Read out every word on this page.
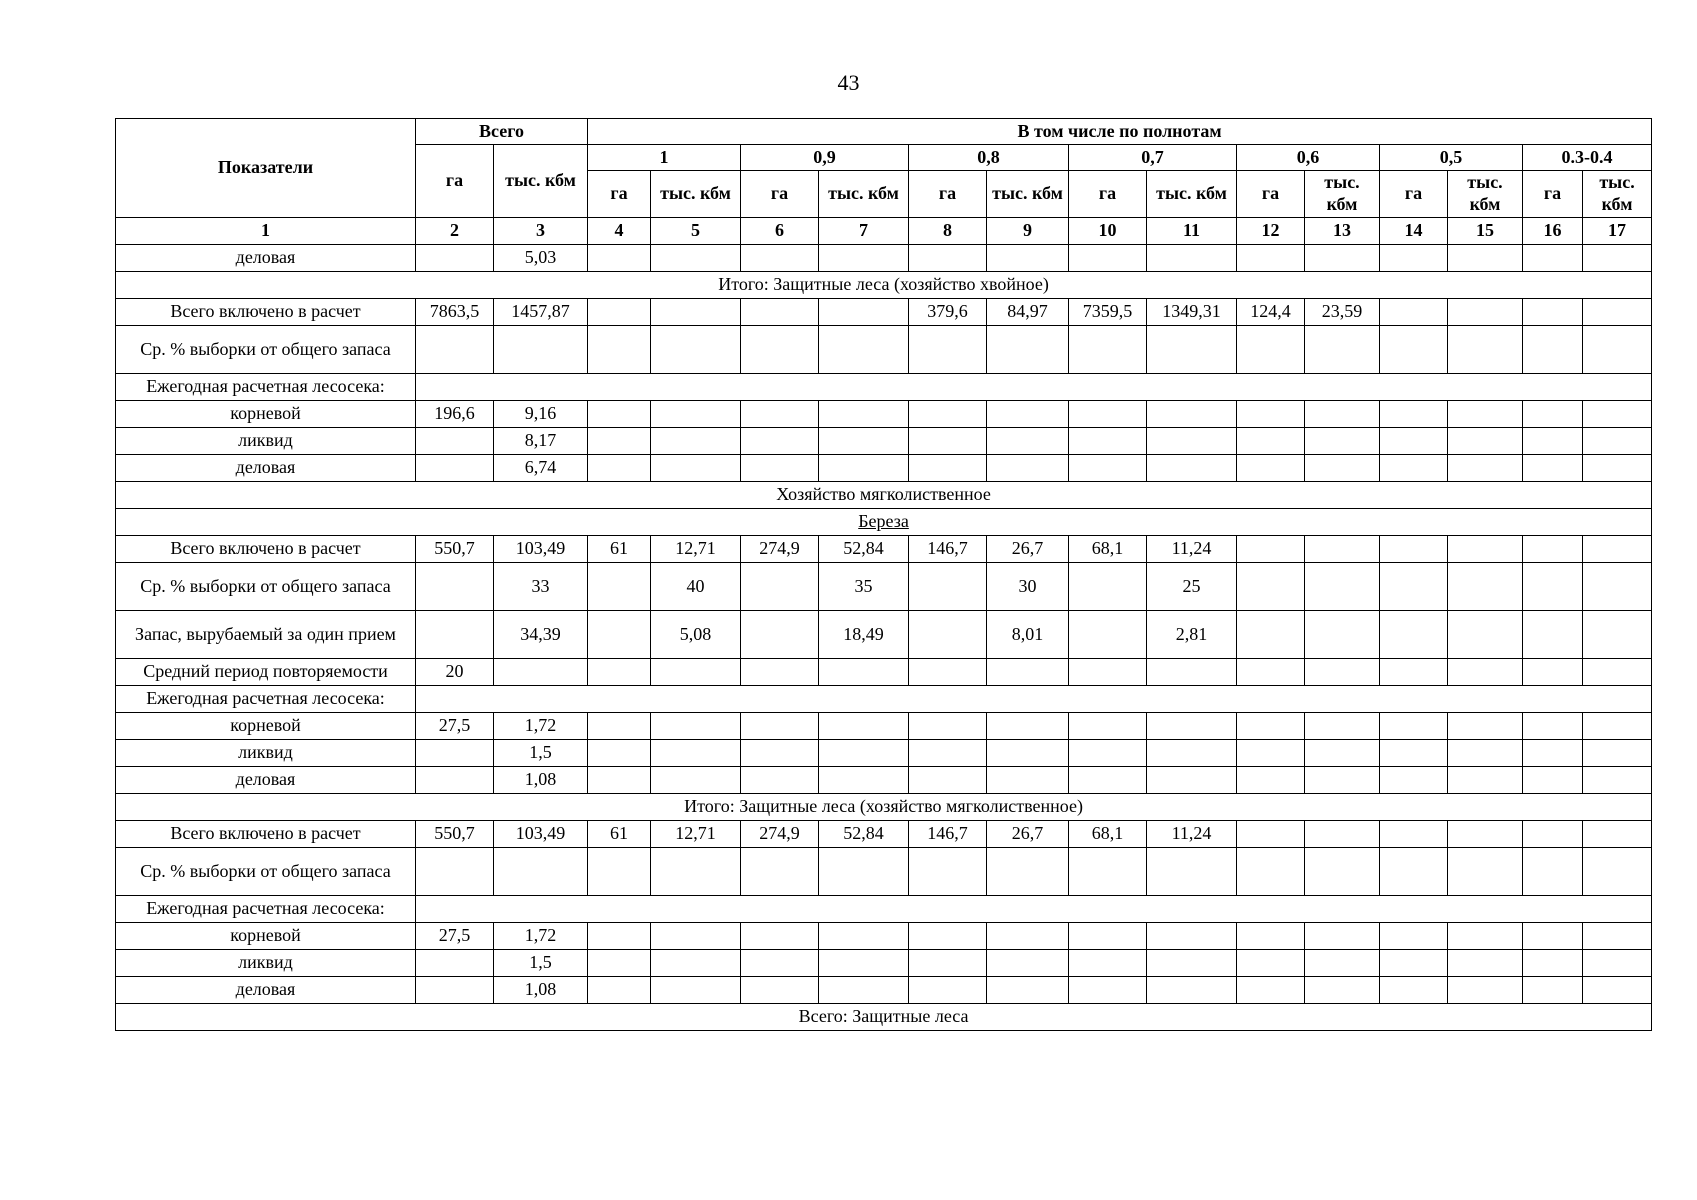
43
Показатели	Всего		В том числе по полнотам													
	га	тыс. кбм	1		0,9		0,8		0,7		0,6		0,5		0.3-0.4	
			га	тыс. кбм	га	тыс. кбм	га	тыс. кбм	га	тыс. кбм	га	тыс. кбм	га	тыс. кбм	га	тыс. кбм
1	2	3	4	5	6	7	8	9	10	11	12	13	14	15	16	17
деловая		5,03														
Итого: Защитные леса (хозяйство хвойное)																
Всего включено в расчет	7863,5	1457,87					379,6	84,97	7359,5	1349,31	124,4	23,59				
Ср. % выборки от общего запаса																
Ежегодная расчетная лесосека:																
корневой	196,6	9,16														
ликвид		8,17														
деловая		6,74														
Хозяйство мягколиственное																
Береза																
Всего включено в расчет	550,7	103,49	61	12,71	274,9	52,84	146,7	26,7	68,1	11,24						
Ср. % выборки от общего запаса		33		40		35		30		25						
Запас, вырубаемый за один прием		34,39		5,08		18,49		8,01		2,81						
Средний период повторяемости	20															
Ежегодная расчетная лесосека:																
корневой	27,5	1,72														
ликвид		1,5														
деловая		1,08														
Итого: Защитные леса (хозяйство мягколиственное)																
Всего включено в расчет	550,7	103,49	61	12,71	274,9	52,84	146,7	26,7	68,1	11,24						
Ср. % выборки от общего запаса																
Ежегодная расчетная лесосека:																
корневой	27,5	1,72														
ликвид		1,5														
деловая		1,08														
Всего: Защитные леса																
